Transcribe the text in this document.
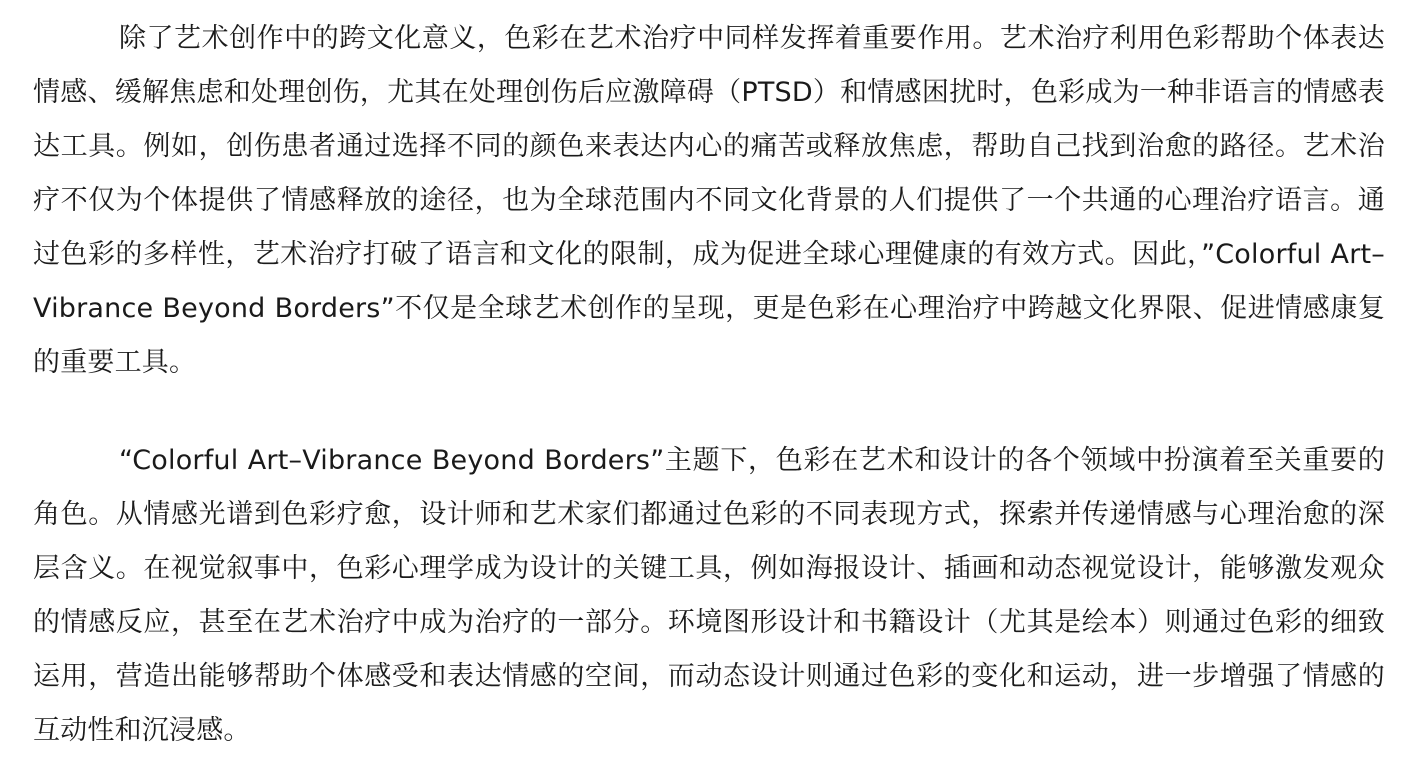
除了艺术创作中的跨文化意义，色彩在艺术治疗中同样发挥着重要作用。艺术治疗利用色彩帮助个体表达情感、缓解焦虑和处理创伤，尤其在处理创伤后应激障碍（PTSD）和情感困扰时，色彩成为一种非语言的情感表达工具。例如，创伤患者通过选择不同的颜色来表达内心的痛苦或释放焦虑，帮助自己找到治愈的路径。艺术治疗不仅为个体提供了情感释放的途径，也为全球范围内不同文化背景的人们提供了一个共通的心理治疗语言。通过色彩的多样性，艺术治疗打破了语言和文化的限制，成为促进全球心理健康的有效方式。因此，”Colorful Art–Vibrance Beyond Borders”不仅是全球艺术创作的呈现，更是色彩在心理治疗中跨越文化界限、促进情感康复的重要工具。

“Colorful Art–Vibrance Beyond Borders”主题下，色彩在艺术和设计的各个领域中扮演着至关重要的角色。从情感光谱到色彩疗愈，设计师和艺术家们都通过色彩的不同表现方式，探索并传递情感与心理治愈的深层含义。在视觉叙事中，色彩心理学成为设计的关键工具，例如海报设计、插画和动态视觉设计，能够激发观众的情感反应，甚至在艺术治疗中成为治疗的一部分。环境图形设计和书籍设计（尤其是绘本）则通过色彩的细致运用，营造出能够帮助个体感受和表达情感的空间，而动态设计则通过色彩的变化和运动，进一步增强了情感的互动性和沉浸感。
